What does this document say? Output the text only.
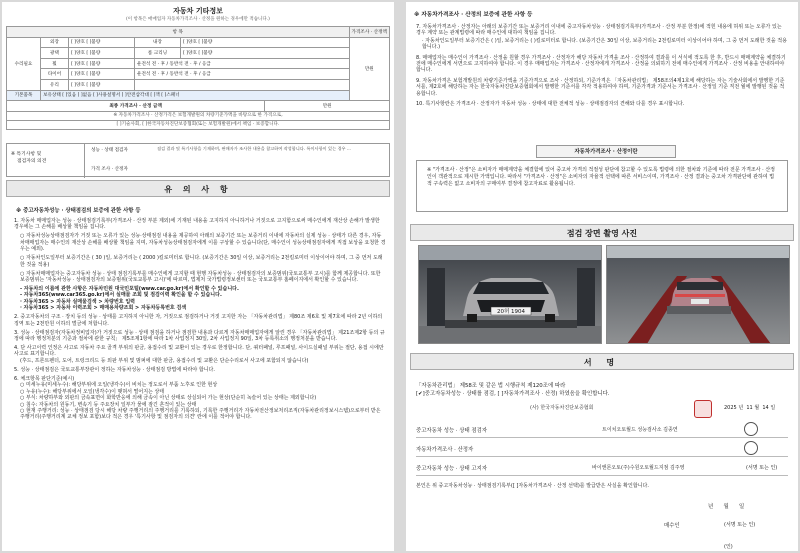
자동차 기타정보
(이 항목은 매매업자 자동차가격조사 · 산정을 원하는 경우에만 적습니다.)
항 목						가격조사 · 산정액
수리필요	외장	[ ]양호 [ ]불량	내장	[ ]양호 [ ]불량		만원
	광택	[ ]양호 [ ]불량	룸 크리닝	[ ]양호 [ ]불량		
	휠	[ ]양호 [ ]불량	운전석 전 · 후 / 동반석 전 · 후 / 응급			
	타이어	[ ]양호 [ ]불량	운전석 전 · 후 / 동반석 전 · 후 / 응급			
	유리	[ ]양호 [ ]불량				
기본품목	보유상태 [ ]있음 [ ]없음 [ ]사용설명서 [ ]안전삼각대 [ ]잭 [ ]스패너					
최종 가격조사 · 산정 금액					만원	
※ 자동차가격조사 · 산정가격은 보험개발원의 차량기준가액을 바탕으로 한 가격으로,						
[ ]기술사회, [ ]한국자동차진단보증협회(또는 보험개발원)에서 책임 · 보증합니다.						
※ 특기사항 및
점검자의 의견
성능 · 상태 점검자
가격 조사 · 산정자
점검 결과 및 특기사항을 기재하며, 판매자가 조사한 내용을 참고하여 작성합니다. 특이사항이 있는 경우 ...
유 의 사 항
※ 중고자동차성능 · 상태점검의 보증에 관한 사항 등

1. 자동차 매매업자는 성능 · 상태점검기록부(가격조사 · 산정 부분 제외)에 기재된 내용을 고지하지 아니하거나 거짓으로 고지함으로써 매수인에게 재산상 손해가 발생한 경우에는 그 손해를 배상할 책임을 집니다.

○ 자동차성능상태점검자가 거짓 또는 오류가 있는 성능·상태점검 내용을 제공하여 아래의 보증기간 또는 보증거리 이내에 자동차의 실제 성능 · 상태가 다른 경우, 자동차매매업자는 매수인의 재산상 손해를 배상할 책임을 지며, 자동차성능상태점검자에게 이를 구상할 수 있습니다(단, 매수인이 성능상태점검자에게 직접 보상을 요청한 경우는 예외).

○ 자동차인도일부터 보증기간은 ( 30 )일, 보증거리는 ( 2000 )킬로미터로 합니다. (보증기간은 30일 이상, 보증거리는 2천킬로미터 이상이어야 하며, 그 중 먼저 도래한 것을 적용)

○ 자동차매매업자는 중고자동차 성능 · 상태 점검기록부를 매수인에게 고지할 때 현행 자동차성능 · 상태점검자의 보증범위(국토교통부 고시)를 함께 제공합니다. 또한 보증범위는 '자동차성능 · 상태점검자의 보증범위(국토교통부 고시)'에 따르며, 법제처 국가법령정보센터 또는 국토교통부 홈페이지에서 확인할 수 있습니다.

- 자동차의 이름에 관한 사항은 자동차민원 대국민포털(www.car.go.kr)에서 확인할 수 있습니다.

- 자동차365(www.car365.go.kr)에서 실매물 조회 및 점검이력 확인을 할 수 있습니다.

· 자동차365 > 자동차 실매물검색 > 차량번호 입력

· 자동차365 > 자동차 이력조회 > 매매용차량조회 > 자동차등록번호 검색

2. 중고자동차의 구조 · 장치 등의 성능 · 상태를 고지하지 아니한 자, 거짓으로 점검하거나 거짓 고지한 자는 「자동차관리법」 제80조 제6호 및 제7호에 따라 2년 이하의 징역 또는 2천만원 이하의 벌금에 처합니다.

3. 성능 · 상태점검자(자동차정비업자)가 거짓으로 성능 · 상태 점검을 하거나 점검한 내용과 다르게 자동차매매업자에게 알린 경우 「자동차관리법」 제21조제2항 등의 규정에 따라 행정처분의 기준과 절차에 관한 규칙」 제5조제1항에 따라 1차 사업정지 30일, 2차 사업정지 90일, 3차 등록취소의 행정처분을 받습니다.

4. 단 사고이력 인정은 사고로 자동차 주요 골격 부위의 판금, 용접수리 및 교환이 있는 경우로 한정합니다. 단, 쿼터패널, 루프패널, 사이드실패널 부위는 절단, 용접 시에만 사고로 표기합니다.

(후드, 프론트펜더, 도어, 트렁크리드 등 외판 부위 및 범퍼에 대한 판금, 용접수리 및 교환은 단순수리로서 사고에 포함되지 않습니다)

5. 성능 · 상태점검은 국토교통부장관이 정하는 자동차성능 · 상태점검 방법에 따라야 합니다.

6. 체크항목 판단기준(예시)

○ 미세누유(미세누수): 해당부위에 오일(냉각수)이 비치는 정도로서 부품 노후로 인한 현상

○ 누유(누수): 해당부위에서 오일(냉각수)이 맺혀서 떨어지는 상태

○ 부식: 차량하부와 외판의 금속표면이 화학반응에 의해 금속이 아닌 상태로 상실되어 가는 현상(단순히 녹슬어 있는 상태는 제외합니다)

○ 침수: 자동차의 원동기, 변속기 등 주요장치 일부가 물에 잠긴 흔적이 있는 상태

○ 현재 주행거리: 성능 · 상태점검 당시 해당 차량 주행거리의 주행거리를 기록하되, 기록한 주행거리가 자동차전산정보처리조직(자동차관리정보시스템)으로부터 받은 주행거리(주행거리계 교체 정보 포함)보다 적은 경우 '특기사항 및 점검자의 의견' 란에 이를 적어야 합니다.

※ 자동차가격조사 · 산정의 보증에 관한 사항 등

7. 자동차가격조사 · 산정자는 아래의 보증기간 또는 보증거리 이내에 중고자동차성능 · 상태점검기록부(가격조사 · 산정 부분 한정)에 적힌 내용에 허위 또는 오류가 있는 경우 계약 또는 관계법령에 따라 매수인에 대하여 책임을 집니다.

· 자동차인도일부터 보증기간은 ( )일, 보증거리는 ( )킬로미터로 합니다. (보증기간은 30일 이상, 보증거리는 2천킬로미터 이상이어야 하며, 그 중 먼저 도래한 것을 적용합니다.)

8. 매매업자는 매수인이 가격조사 · 산정을 원할 경우 가격조사 · 산정자가 해당 자동차 가격을 조사 · 산정하여 결과를 이 서식에 적도록 한 후, 반드시 매매계약을 체결하기 전에 매수인에게 서면으로 고지하여야 합니다. 이 경우 매매업자는 가격조사 · 산정자에게 가격조사 · 산정을 의뢰하기 전에 매수인에게 가격조사 · 산정 비용을 안내하여야 합니다.

9. 자동차가격은 보험개발원의 차량기준가액을 기준가격으로 조사 · 산정하되, 기준가격은 「자동차관리법」 제58조의4제1호에 해당하는 자는 기술사회에서 발행한 기준서를, 제2호에 해당하는 자는 한국자동차진단보증협회에서 발행한 기준서를 각각 적용하여야 하며, 기준가격과 기준서는 가격조사 · 산정일 기준 직전 월에 발행된 것을 적용합니다.

10. 특기사항란은 가격조사 · 산정자가 자동차 성능 · 상태에 대한 전체적 성능 · 상태점검자의 견해와 다를 경우 표시합니다.

자동차가격조사 · 산정이란
※ "가격조사 · 산정"은 소비자가 매매계약을 체결함에 있어 중고차 가격의 적절성 판단에 참고할 수 있도록 법령에 의한 절차와 기준에 따라 전문 가격조사 · 산정인이 객관적으로 제시한 가액입니다. 따라서 "가격조사 · 산정"은 소비자의 자율적 선택에 따른 서비스이며, 가격조사 · 산정 결과는 중고차 가격판단에 관하여 법적 구속력은 없고 소비자의 구매여부 결정에 참고자료로 활용됩니다.
점검 장면 촬영 사진
20허 1904
서 명
「자동차관리법」 제58조 및 같은 법 시행규칙 제120조에 따라
[✔]중고자동차성능 · 상태를 점검, [ ]자동차가격조사 · 산정) 하였음을 확인합니다.
(사) 한국자동차진단보증협회	2025 년 11 월 14 일
중고자동차 성능 · 상태 점검자	트이치오토월드 성능검사소 김종연
자동차가격조사 · 산정자
중고자동차 성능 · 상태 고지자	바이앤몬오토(주)수원오토월드지점 김주영	(서명 또는 인)
본인은 위 중고자동차성능 · 상태점검기록부([ ]자동차가격조사 · 산정 선택)를 발급받은 사실을 확인합니다.
년 월 일
매수인	(서명 또는 인)
(인)
